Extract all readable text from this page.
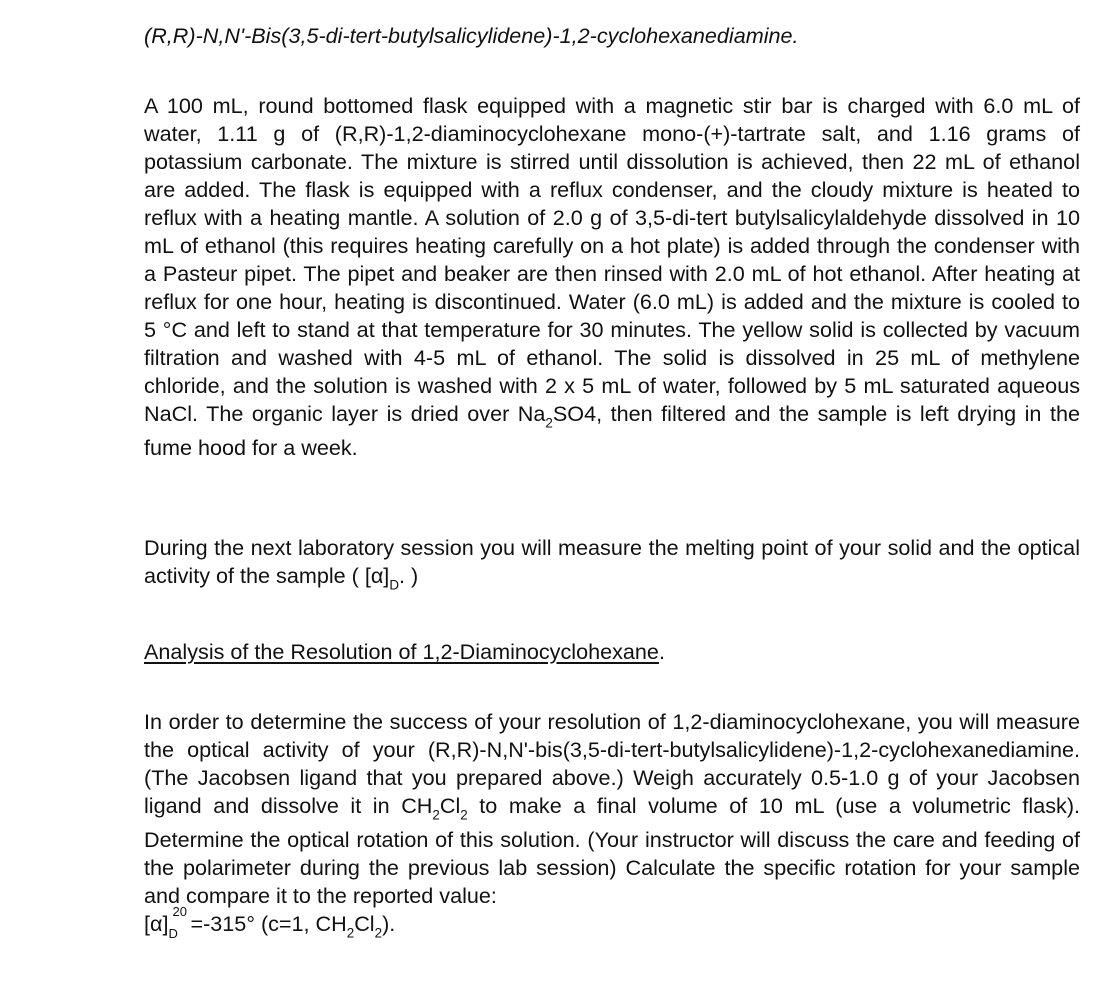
(R,R)-N,N'-Bis(3,5-di-tert-butylsalicylidene)-1,2-cyclohexanediamine.

A 100 mL, round bottomed flask equipped with a magnetic stir bar is charged with 6.0 mL of water, 1.11 g of (R,R)-1,2-diaminocyclohexane mono-(+)-tartrate salt, and 1.16 grams of potassium carbonate. The mixture is stirred until dissolution is achieved, then 22 mL of ethanol are added. The flask is equipped with a reflux condenser, and the cloudy mixture is heated to reflux with a heating mantle. A solution of 2.0 g of 3,5-di-tert butylsalicylaldehyde dissolved in 10 mL of ethanol (this requires heating carefully on a hot plate) is added through the condenser with a Pasteur pipet. The pipet and beaker are then rinsed with 2.0 mL of hot ethanol. After heating at reflux for one hour, heating is discontinued. Water (6.0 mL) is added and the mixture is cooled to 5 °C and left to stand at that temperature for 30 minutes. The yellow solid is collected by vacuum filtration and washed with 4-5 mL of ethanol. The solid is dissolved in 25 mL of methylene chloride, and the solution is washed with 2 x 5 mL of water, followed by 5 mL saturated aqueous NaCl. The organic layer is dried over $Na_2SO4$, then filtered and the sample is left drying in the fume hood for a week.

During the next laboratory session you will measure the melting point of your solid and the optical activity of the sample ( $[\alpha]_D$. )

Analysis of the Resolution of 1,2-Diaminocyclohexane.

In order to determine the success of your resolution of 1,2-diaminocyclohexane, you will measure the optical activity of your (R,R)-N,N'-bis(3,5-di-tert-butylsalicylidene)-1,2-cyclohexanediamine. (The Jacobsen ligand that you prepared above.) Weigh accurately 0.5-1.0 g of your Jacobsen ligand and dissolve it in $CH_2Cl_2$ to make a final volume of 10 mL (use a volumetric flask). Determine the optical rotation of this solution. (Your instructor will discuss the care and feeding of the polarimeter during the previous lab session) Calculate the specific rotation for your sample and compare it to the reported value:
[α] 20
D =-315° (c=1, $CH_2Cl_2$).
